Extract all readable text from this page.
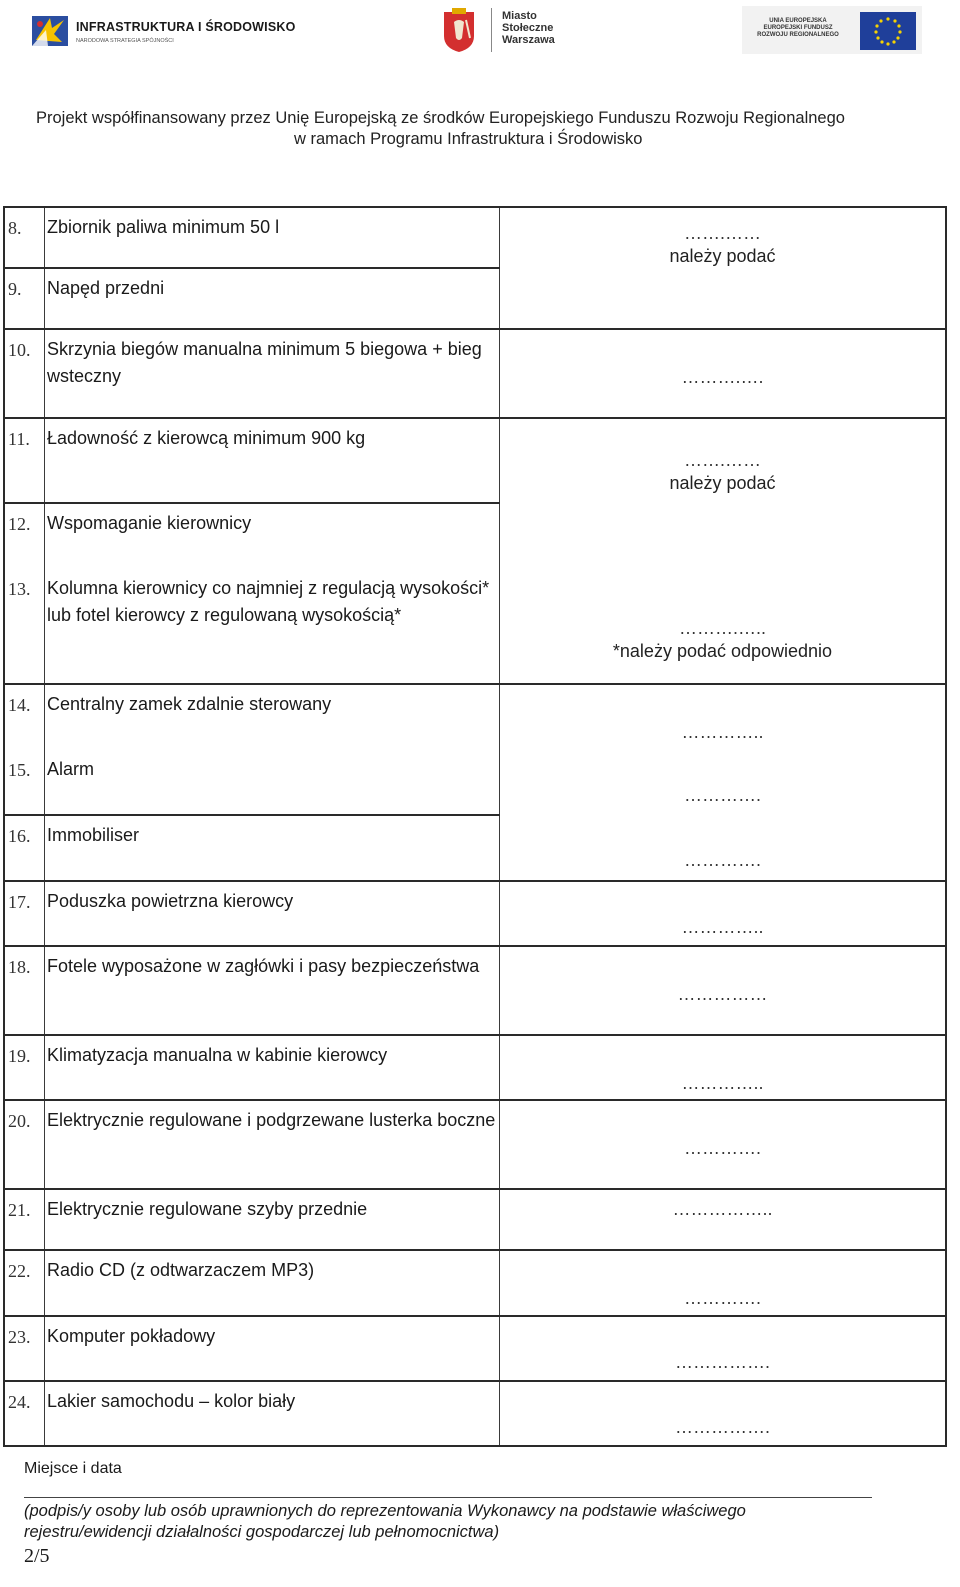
INFRASTRUKTURA I ŚRODOWISKO
NARODOWA STRATEGIA SPÓJNOŚCI
Miasto
Stołeczne
Warszawa
UNIA EUROPEJSKA
EUROPEJSKI FUNDUSZ
ROZWOJU REGIONALNEGO
Projekt współfinansowany przez Unię Europejską ze środków Europejskiego Funduszu Rozwoju Regionalnego
w ramach Programu Infrastruktura i Środowisko
8.	Zbiornik paliwa minimum 50 l	…….……
należy podać

9.	Napęd przedni	
10.	Skrzynia biegów manualna minimum 5 biegowa + bieg wsteczny	……….….

11.	Ładowność z kierowcą minimum 900 kg	…….……
należy podać

12.	Wspomaganie kierownicy	
13.	Kolumna kierownicy co najmniej z regulacją wysokości* lub fotel kierowcy z regulowaną wysokością*	……….…..
*należy podać odpowiednio

14.	Centralny zamek zdalnie sterowany	…………..

15.	Alarm	………….

16.	Immobiliser	………….

17.	Poduszka powietrzna kierowcy	…………..

18.	Fotele wyposażone w zagłówki i pasy bezpieczeństwa	……………

19.	Klimatyzacja manualna w kabinie kierowcy	…………..

20.	Elektrycznie regulowane i podgrzewane lusterka boczne	………….

21.	Elektrycznie regulowane szyby przednie	……………..

22.	Radio CD (z odtwarzaczem MP3)	………….

23.	Komputer pokładowy	…………….

24.	Lakier samochodu – kolor biały	…………….
Miejsce i data
(podpis/y osoby lub osób uprawnionych do reprezentowania Wykonawcy na podstawie właściwego
rejestru/ewidencji działalności gospodarczej lub pełnomocnictwa)
2/5
